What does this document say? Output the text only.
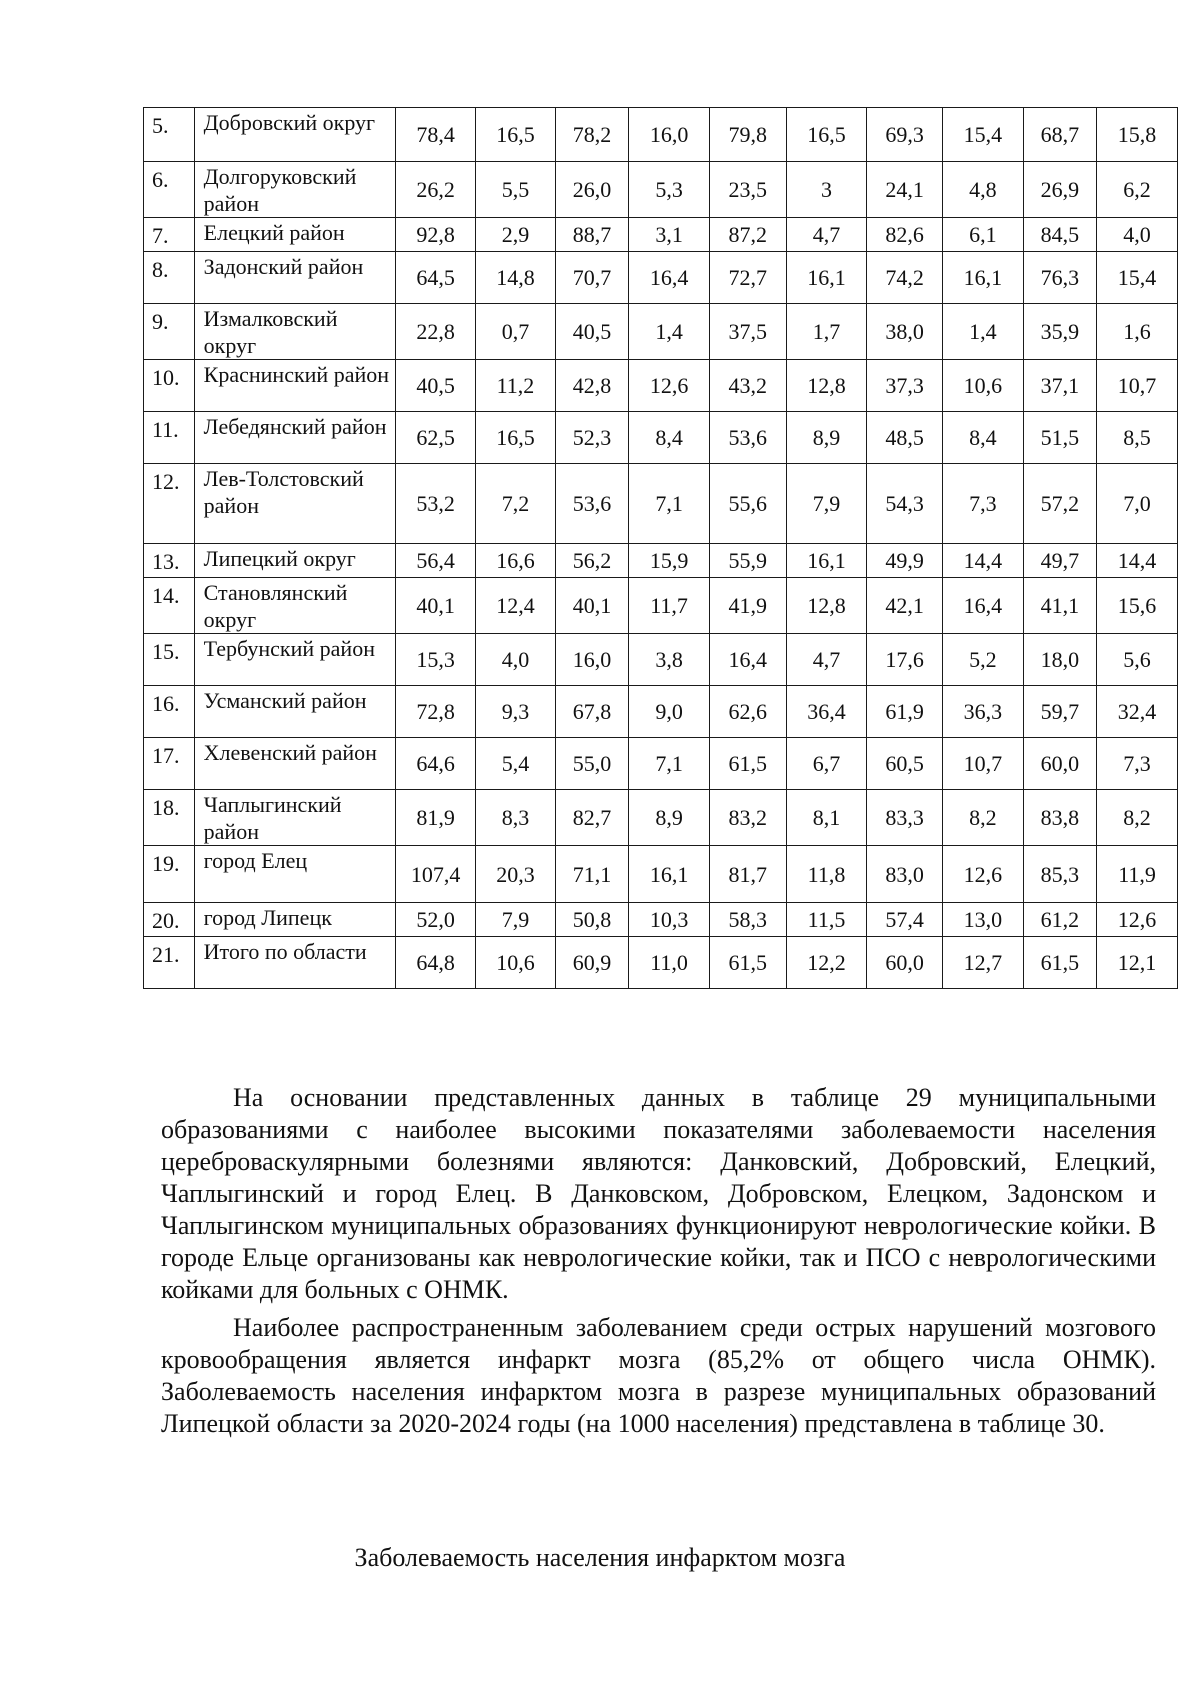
5.	Добровский округ	78,4	16,5	78,2	16,0	79,8	16,5	69,3	15,4	68,7	15,8
6.	Долгоруковский район	26,2	5,5	26,0	5,3	23,5	3	24,1	4,8	26,9	6,2
7.	Елецкий район	92,8	2,9	88,7	3,1	87,2	4,7	82,6	6,1	84,5	4,0
8.	Задонский район	64,5	14,8	70,7	16,4	72,7	16,1	74,2	16,1	76,3	15,4
9.	Измалковский округ	22,8	0,7	40,5	1,4	37,5	1,7	38,0	1,4	35,9	1,6
10.	Краснинский район	40,5	11,2	42,8	12,6	43,2	12,8	37,3	10,6	37,1	10,7
11.	Лебедянский район	62,5	16,5	52,3	8,4	53,6	8,9	48,5	8,4	51,5	8,5
12.	Лев-Толстовский район	53,2	7,2	53,6	7,1	55,6	7,9	54,3	7,3	57,2	7,0
13.	Липецкий округ	56,4	16,6	56,2	15,9	55,9	16,1	49,9	14,4	49,7	14,4
14.	Становлянский округ	40,1	12,4	40,1	11,7	41,9	12,8	42,1	16,4	41,1	15,6
15.	Тербунский район	15,3	4,0	16,0	3,8	16,4	4,7	17,6	5,2	18,0	5,6
16.	Усманский район	72,8	9,3	67,8	9,0	62,6	36,4	61,9	36,3	59,7	32,4
17.	Хлевенский район	64,6	5,4	55,0	7,1	61,5	6,7	60,5	10,7	60,0	7,3
18.	Чаплыгинский район	81,9	8,3	82,7	8,9	83,2	8,1	83,3	8,2	83,8	8,2
19.	город Елец	107,4	20,3	71,1	16,1	81,7	11,8	83,0	12,6	85,3	11,9
20.	город Липецк	52,0	7,9	50,8	10,3	58,3	11,5	57,4	13,0	61,2	12,6
21.	Итого по области	64,8	10,6	60,9	11,0	61,5	12,2	60,0	12,7	61,5	12,1

На основании представленных данных в таблице 29 муниципальными образованиями с наиболее высокими показателями заболеваемости населения цереброваскулярными болезнями являются: Данковский, Добровский, Елецкий, Чаплыгинский и город Елец. В Данковском, Добровском, Елецком, Задонском и Чаплыгинском муниципальных образованиях функционируют неврологические койки. В городе Ельце организованы как неврологические койки, так и ПСО с неврологическими койками для больных с ОНМК.

Наиболее распространенным заболеванием среди острых нарушений мозгового кровообращения является инфаркт мозга (85,2% от общего числа ОНМК). Заболеваемость населения инфарктом мозга в разрезе муниципальных образований Липецкой области за 2020-2024 годы (на 1000 населения) представлена в таблице 30.

Заболеваемость населения инфарктом мозга
